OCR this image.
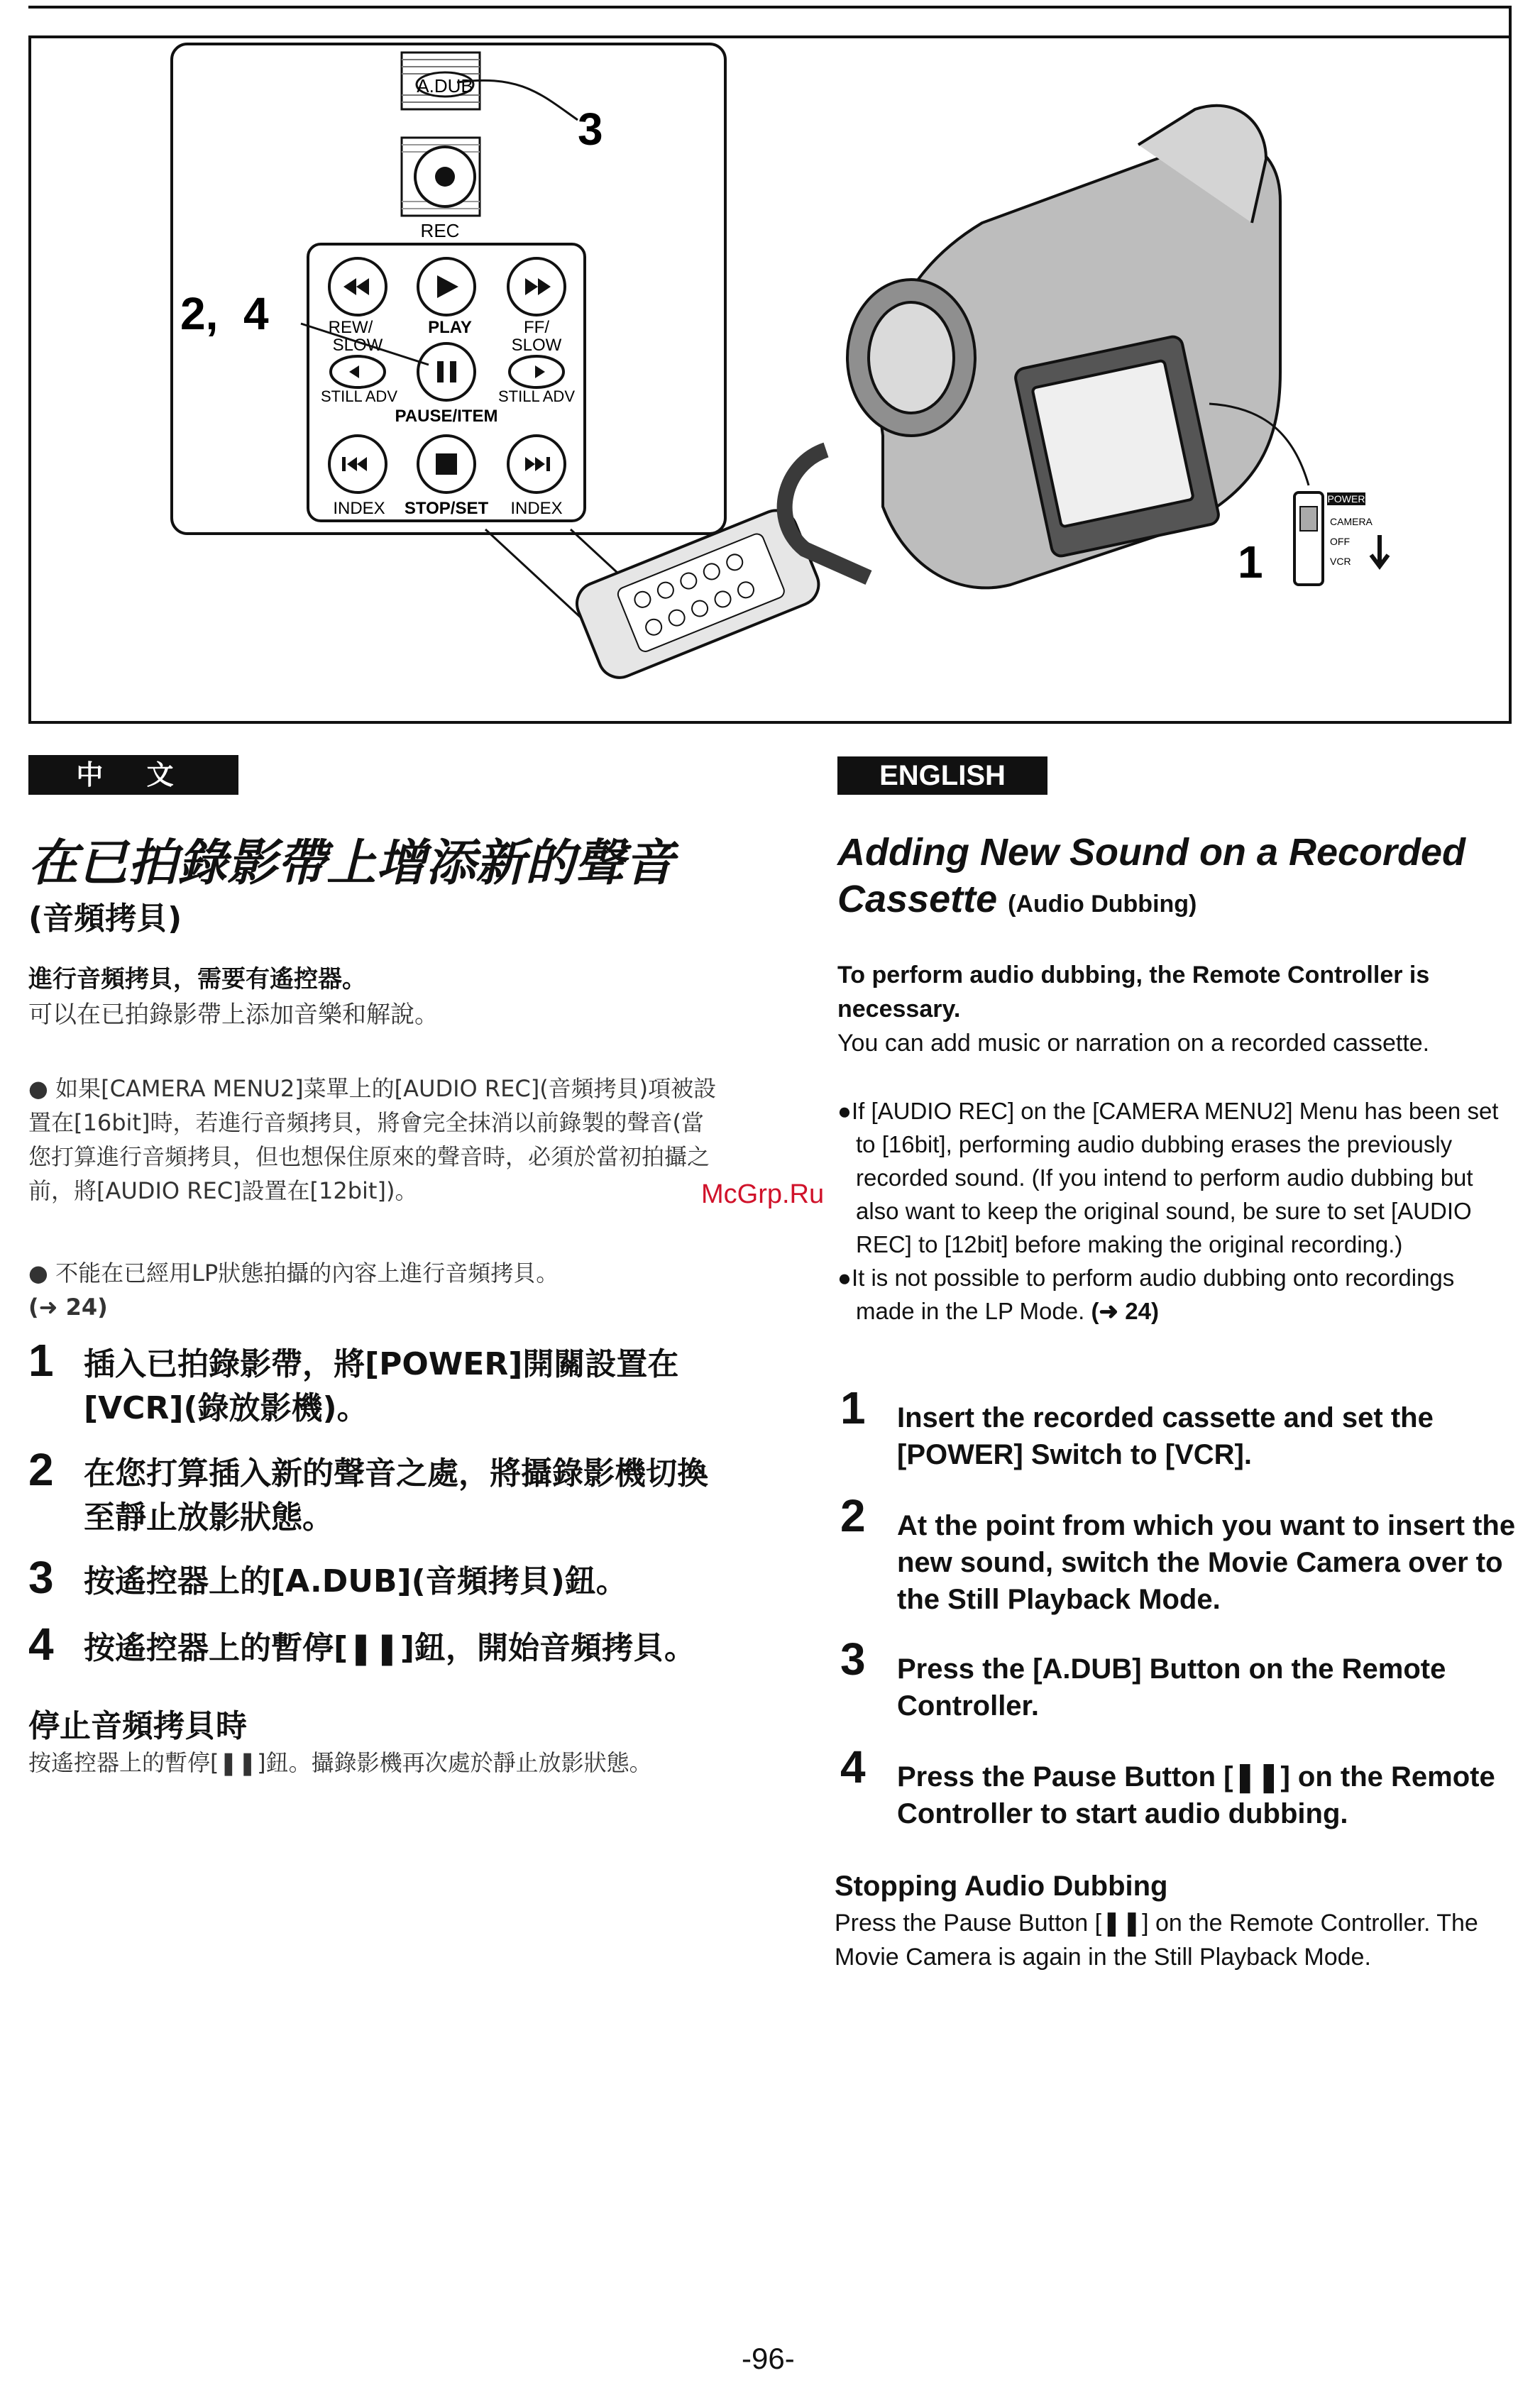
A.DUB
REC
3
REW/	PLAY	FF/
SLOW	SLOW
STILL ADV	STILL ADV
PAUSE/ITEM
INDEX STOP/SET INDEX
2,  4
POWER
CAMERA
OFF
VCR
1
中 文
在已拍錄影帶上增添新的聲音
(音頻拷貝)
進行音頻拷貝，需要有遙控器。
可以在已拍錄影帶上添加音樂和解說。
● 如果[CAMERA MENU2]菜單上的[AUDIO REC](音頻拷貝)項被設置在[16bit]時，若進行音頻拷貝，將會完全抹消以前錄製的聲音(當您打算進行音頻拷貝，但也想保住原來的聲音時，必須於當初拍攝之前，將[AUDIO REC]設置在[12bit])。
● 不能在已經用LP狀態拍攝的內容上進行音頻拷貝。
(➜ 24)
1 插入已拍錄影帶，將[POWER]開關設置在[VCR](錄放影機)。
2 在您打算插入新的聲音之處，將攝錄影機切換至靜止放影狀態。
3 按遙控器上的[A.DUB](音頻拷貝)鈕。
4 按遙控器上的暫停[❚❚]鈕，開始音頻拷貝。
停止音頻拷貝時
按遙控器上的暫停[❚❚]鈕。攝錄影機再次處於靜止放影狀態。
ENGLISH
Adding New Sound on a Recorded Cassette (Audio Dubbing)
To perform audio dubbing, the Remote Controller is necessary.
You can add music or narration on a recorded cassette.
●If [AUDIO REC] on the [CAMERA MENU2] Menu has been set to [16bit], performing audio dubbing erases the previously recorded sound. (If you intend to perform audio dubbing but also want to keep the original sound, be sure to set [AUDIO REC] to [12bit] before making the original recording.)
●It is not possible to perform audio dubbing onto recordings made in the LP Mode. (➜ 24)
1 Insert the recorded cassette and set the [POWER] Switch to [VCR].
2 At the point from which you want to insert the new sound, switch the Movie Camera over to the Still Playback Mode.
3 Press the [A.DUB] Button on the Remote Controller.
4 Press the Pause Button [❚❚] on the Remote Controller to start audio dubbing.
Stopping Audio Dubbing
Press the Pause Button [❚❚] on the Remote Controller. The Movie Camera is again in the Still Playback Mode.
McGrp.Ru
-96-
